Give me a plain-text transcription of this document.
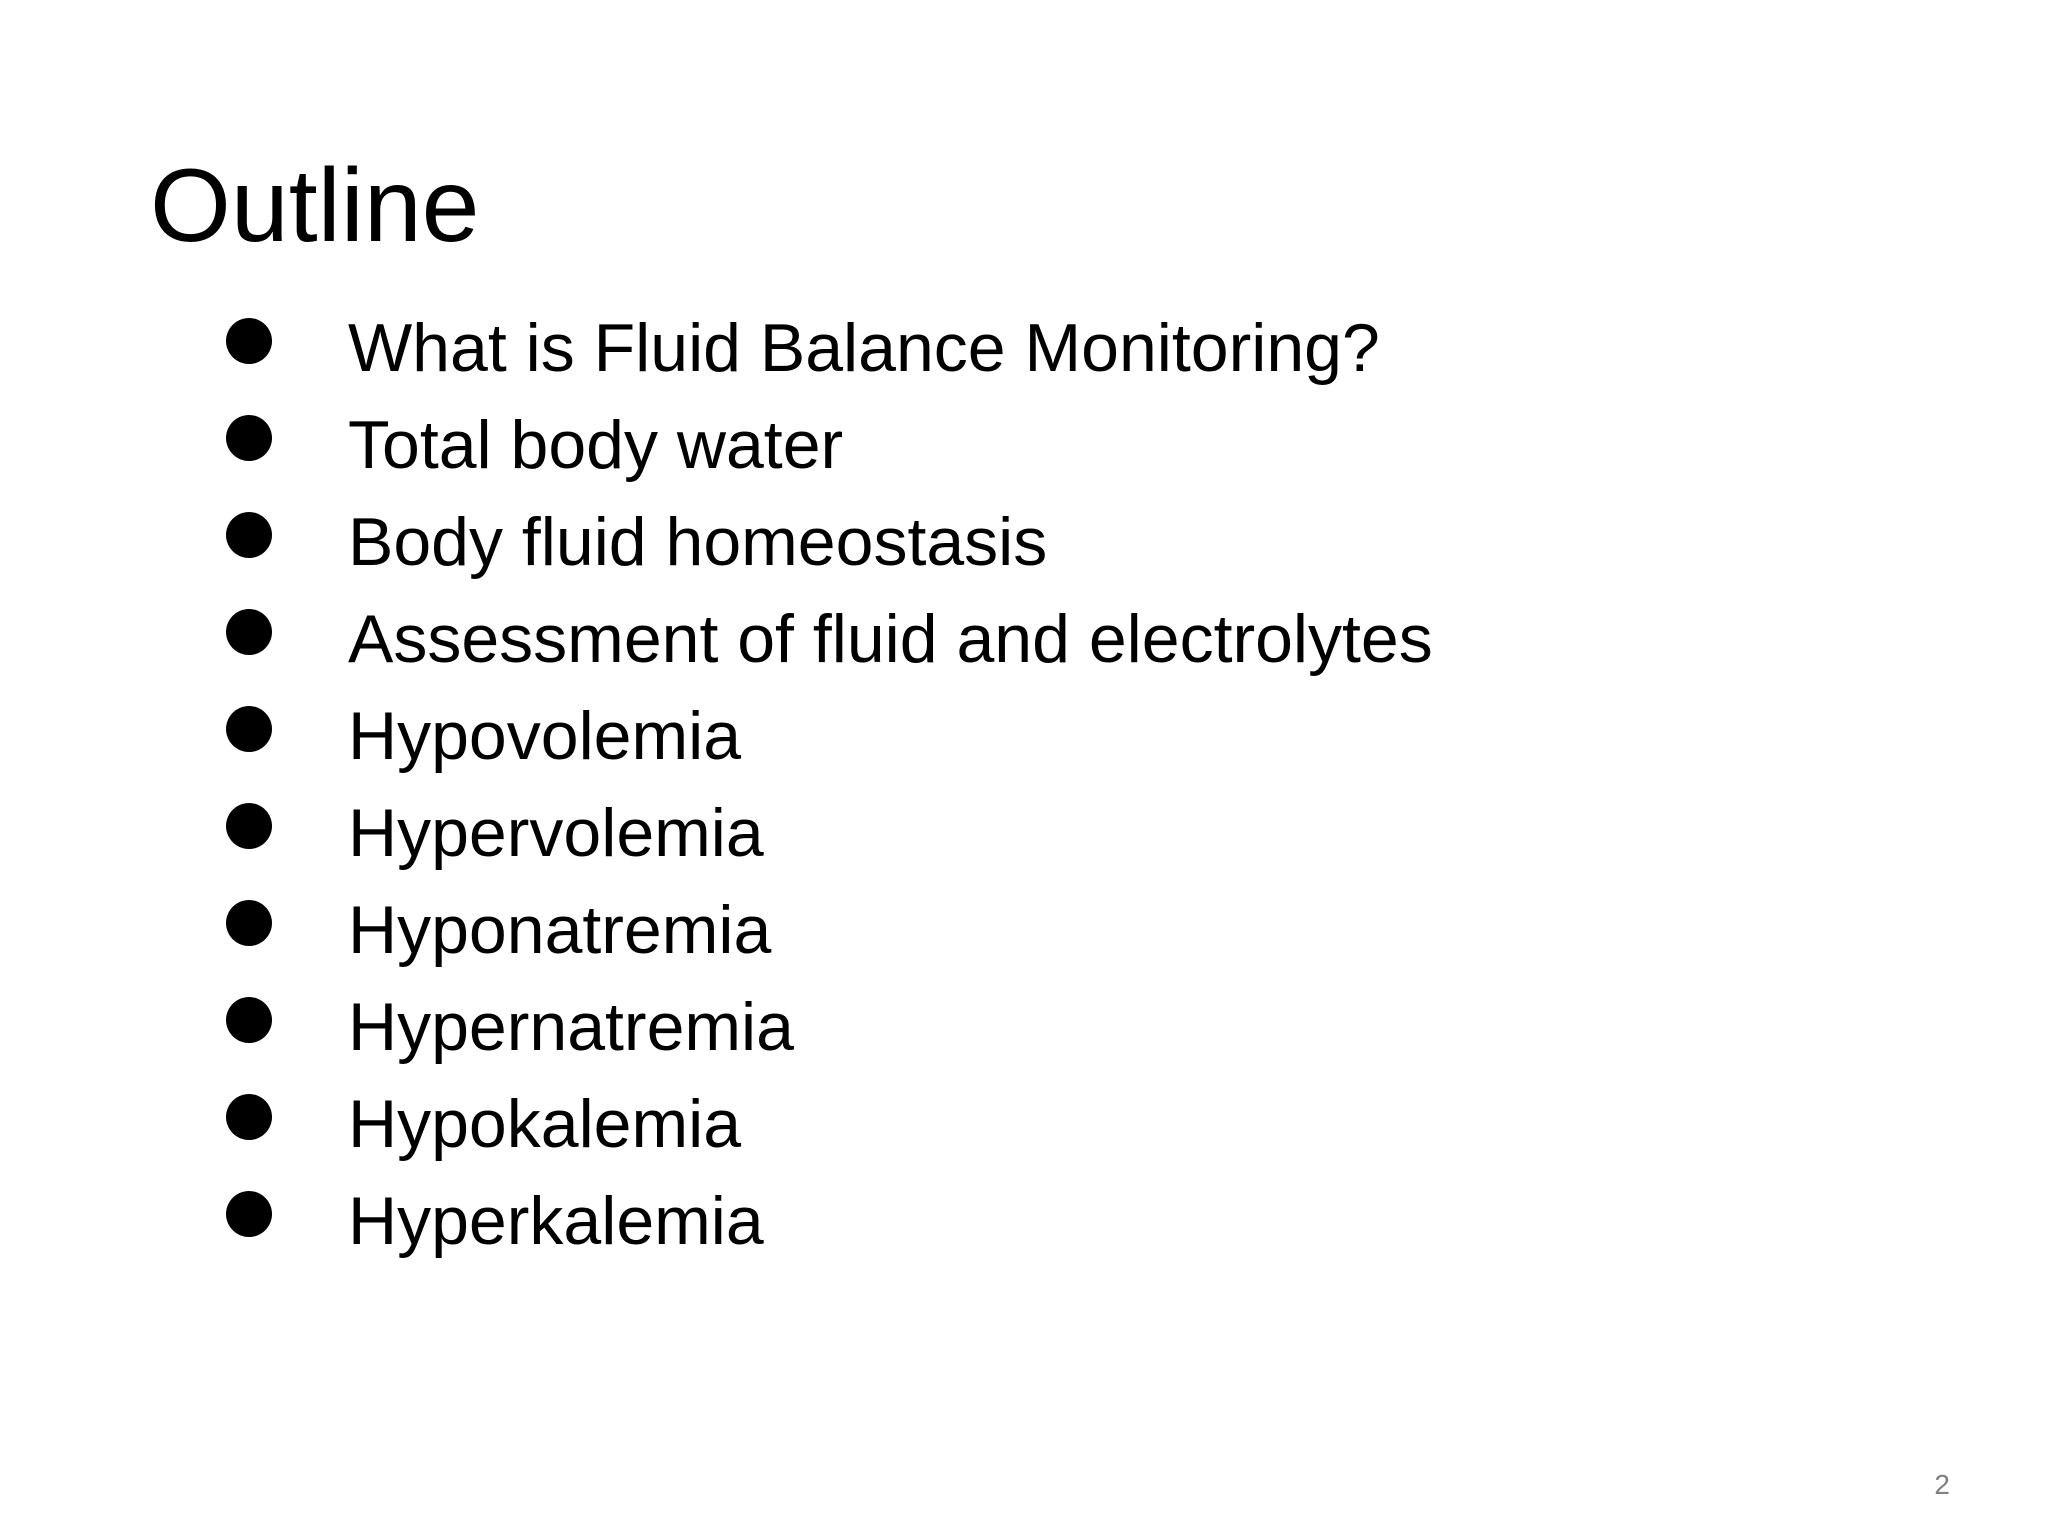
Outline
What is Fluid Balance Monitoring?
Total body water
Body fluid homeostasis
Assessment of fluid and electrolytes
Hypovolemia
Hypervolemia
Hyponatremia
Hypernatremia
Hypokalemia
Hyperkalemia
2
